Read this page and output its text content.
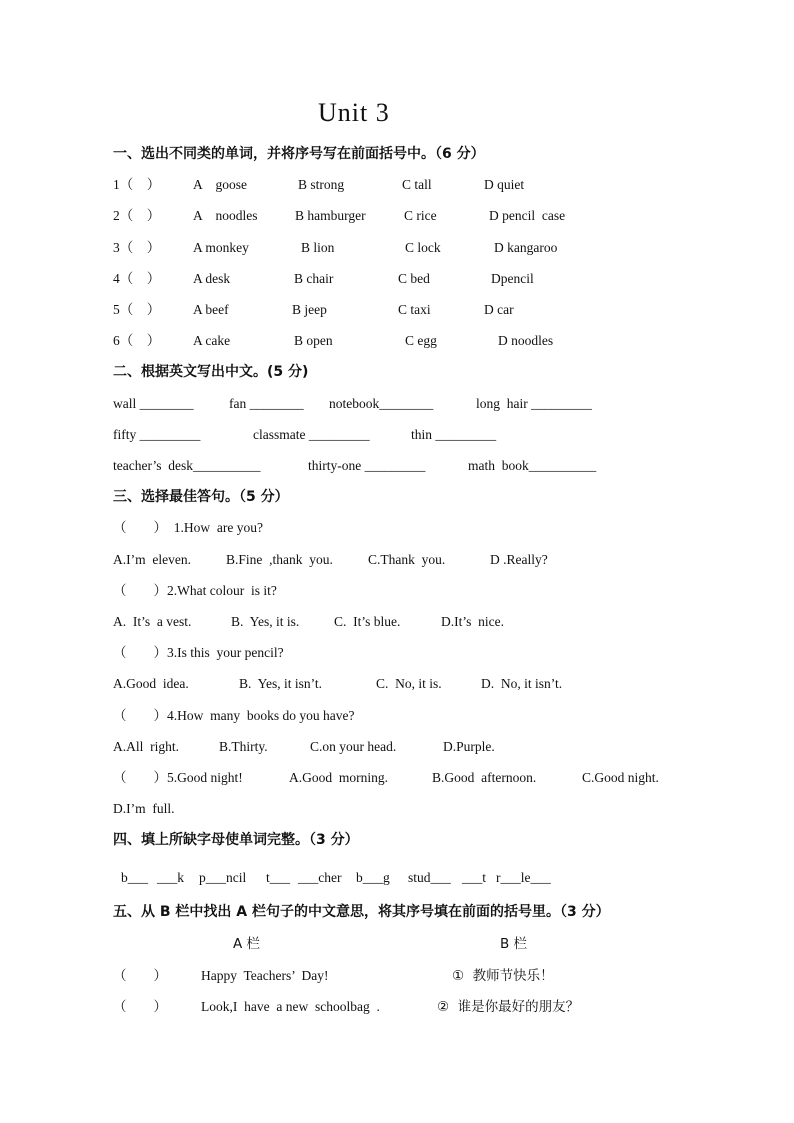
Unit 3
一、选出不同类的单词，并将序号写在前面括号中。（6 分）
1（　） A　goose	B strong	C tall	D quiet
2（　） A　noodles	B hamburger	C rice	D pencil  case
3（　） A monkey	B lion	C lock	D kangaroo
4（　） A desk	B chair	C bed	Dpencil
5（　） A beef	B jeep	C taxi	D car
6（　） A cake	B open	C egg	D noodles
二、根据英文写出中文。(5 分)
wall ________	fan ________ notebook________	long  hair _________
fifty _________	classmate _________	thin _________
teacher’s  desk__________	thirty-one _________	math  book__________
三、选择最佳答句。（5 分）
（　　）  1.How  are you?
A.I’m  eleven.	B.Fine  ,thank  you.	C.Thank  you.	D .Really?
（　　）2.What colour  is it?
A.  It’s  a vest.	B.  Yes, it is.	C.  It’s blue.	D.It’s  nice.
（　　）3.Is this  your pencil?
A.Good  idea.	B.  Yes, it isn’t.	C.  No, it is.	D.  No, it isn’t.
（　　）4.How  many  books do you have?
A.All  right.	B.Thirty.	C.on your head.	D.Purple.
（　　）5.Good night!	A.Good  morning.	B.Good  afternoon.	C.Good night.
D.I’m  full.
四、填上所缺字母使单词完整。（3 分）
b___ ___k p___ncil t___ ___cher b___g stud___ ___t r___le___
五、从 B 栏中找出 A 栏句子的中文意思，将其序号填在前面的括号里。（3 分）
A 栏	B 栏
（　　）	Happy  Teachers’  Day!	①  教师节快乐！
（　　）	Look,I  have  a new  schoolbag  .	②  谁是你最好的朋友？
